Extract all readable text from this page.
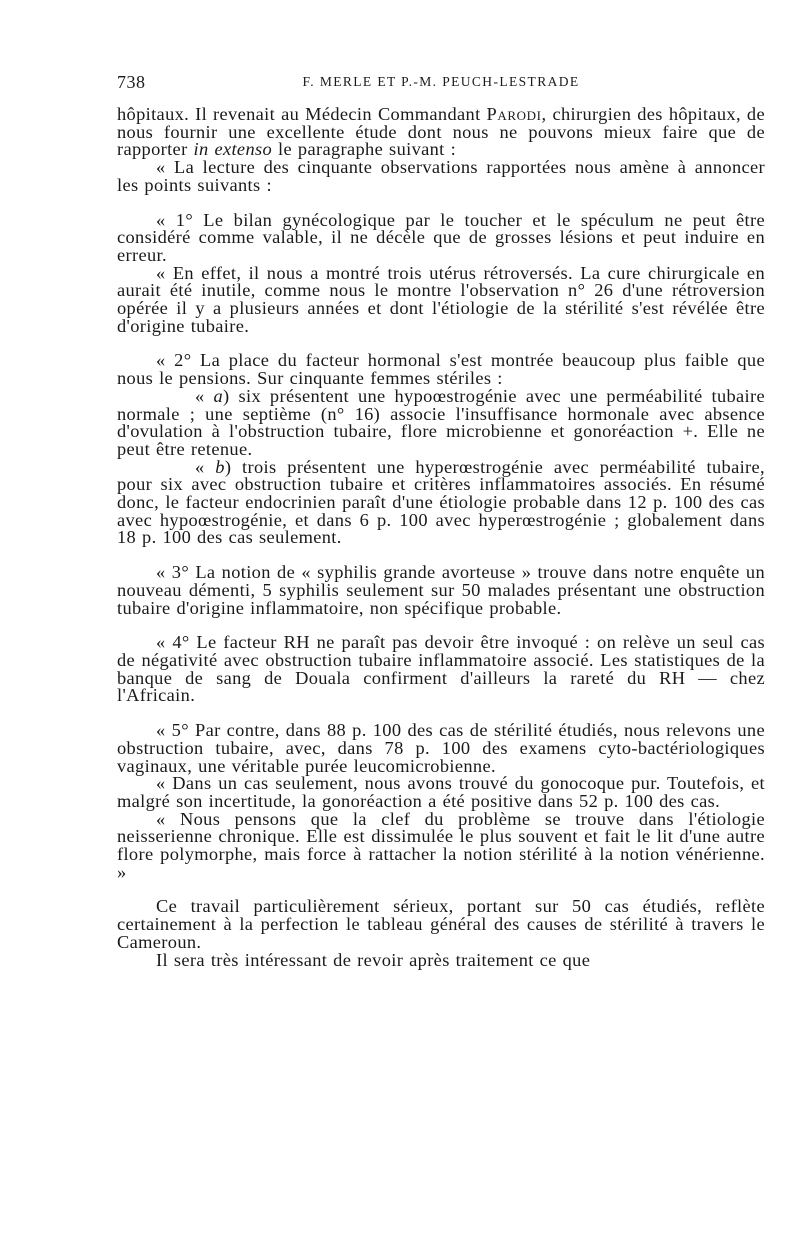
738	F. MERLE ET P.-M. PEUCH-LESTRADE

hôpitaux. Il revenait au Médecin Commandant Parodi, chirurgien des hôpitaux, de nous fournir une excellente étude dont nous ne pouvons mieux faire que de rapporter in extenso le paragraphe suivant :

« La lecture des cinquante observations rapportées nous amène à annoncer les points suivants :

« 1° Le bilan gynécologique par le toucher et le spéculum ne peut être considéré comme valable, il ne décèle que de grosses lésions et peut induire en erreur.

« En effet, il nous a montré trois utérus rétroversés. La cure chirurgicale en aurait été inutile, comme nous le montre l'observation n° 26 d'une rétroversion opérée il y a plusieurs années et dont l'étiologie de la stérilité s'est révélée être d'origine tubaire.

« 2° La place du facteur hormonal s'est montrée beaucoup plus faible que nous le pensions. Sur cinquante femmes stériles :

« a) six présentent une hypoœstrogénie avec une perméabilité tubaire normale ; une septième (n° 16) associe l'insuffisance hormonale avec absence d'ovulation à l'obstruction tubaire, flore microbienne et gonoréaction +. Elle ne peut être retenue.

« b) trois présentent une hyperœstrogénie avec perméabilité tubaire, pour six avec obstruction tubaire et critères inflammatoires associés. En résumé donc, le facteur endocrinien paraît d'une étiologie probable dans 12 p. 100 des cas avec hypoœstrogénie, et dans 6 p. 100 avec hyperœstrogénie ; globalement dans 18 p. 100 des cas seulement.

« 3° La notion de « syphilis grande avorteuse » trouve dans notre enquête un nouveau démenti, 5 syphilis seulement sur 50 malades présentant une obstruction tubaire d'origine inflammatoire, non spécifique probable.

« 4° Le facteur RH ne paraît pas devoir être invoqué : on relève un seul cas de négativité avec obstruction tubaire inflammatoire associé. Les statistiques de la banque de sang de Douala confirment d'ailleurs la rareté du RH — chez l'Africain.

« 5° Par contre, dans 88 p. 100 des cas de stérilité étudiés, nous relevons une obstruction tubaire, avec, dans 78 p. 100 des examens cyto-bactériologiques vaginaux, une véritable purée leucomicrobienne.

« Dans un cas seulement, nous avons trouvé du gonocoque pur. Toutefois, et malgré son incertitude, la gonoréaction a été positive dans 52 p. 100 des cas.

« Nous pensons que la clef du problème se trouve dans l'étiologie neisserienne chronique. Elle est dissimulée le plus souvent et fait le lit d'une autre flore polymorphe, mais force à rattacher la notion stérilité à la notion vénérienne. »

Ce travail particulièrement sérieux, portant sur 50 cas étudiés, reflète certainement à la perfection le tableau général des causes de stérilité à travers le Cameroun.

Il sera très intéressant de revoir après traitement ce que
